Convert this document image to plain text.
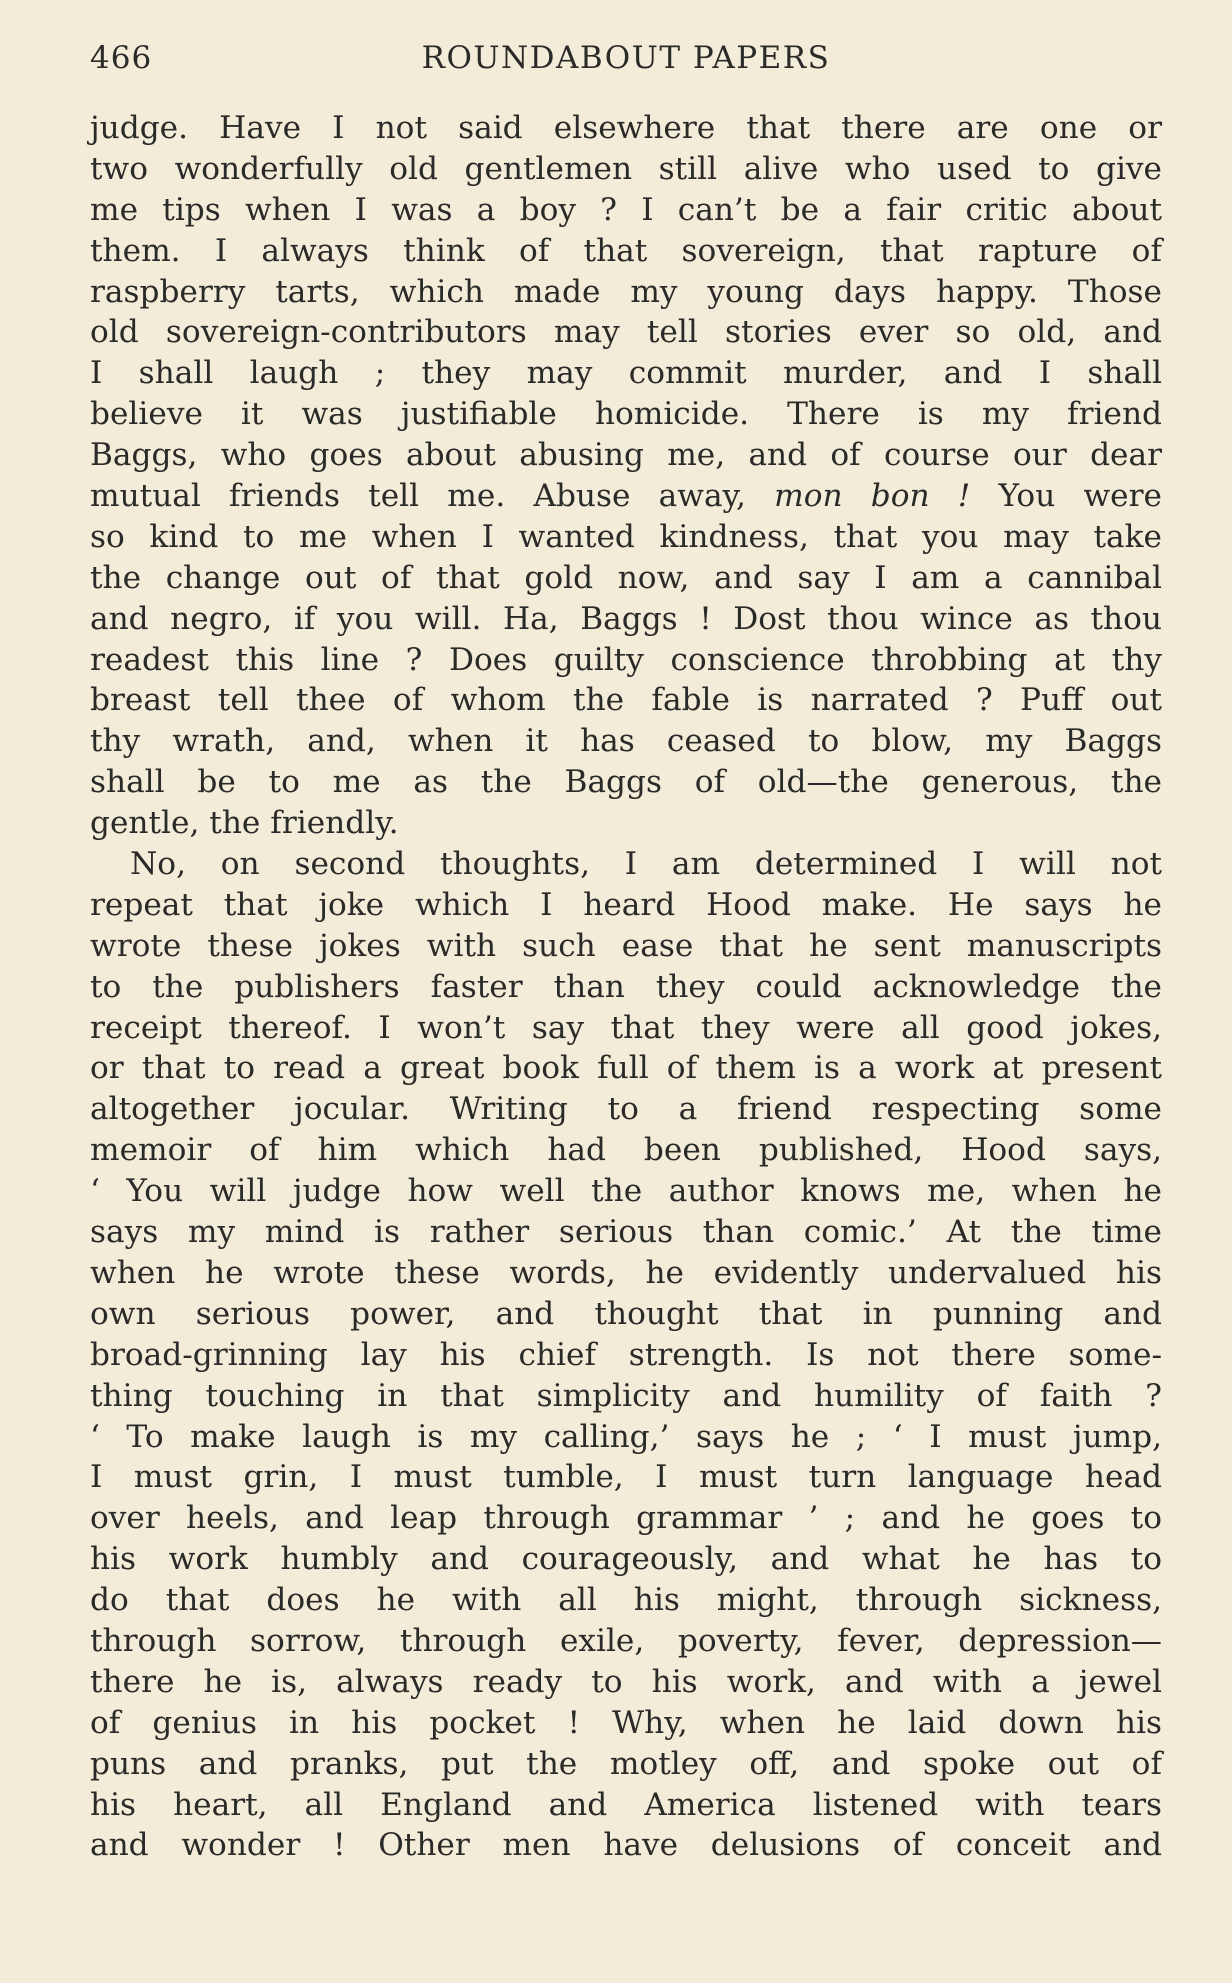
466	ROUNDABOUT PAPERS
judge. Have I not said elsewhere that there are one or
two wonderfully old gentlemen still alive who used to give
me tips when I was a boy ? I can’t be a fair critic about
them. I always think of that sovereign, that rapture of
raspberry tarts, which made my young days happy. Those
old sovereign-contributors may tell stories ever so old, and
I shall laugh ; they may commit murder, and I shall
believe it was justifiable homicide. There is my friend
Baggs, who goes about abusing me, and of course our dear
mutual friends tell me. Abuse away, mon bon ! You were
so kind to me when I wanted kindness, that you may take
the change out of that gold now, and say I am a cannibal
and negro, if you will. Ha, Baggs ! Dost thou wince as thou
readest this line ? Does guilty conscience throbbing at thy
breast tell thee of whom the fable is narrated ? Puff out
thy wrath, and, when it has ceased to blow, my Baggs
shall be to me as the Baggs of old—the generous, the
gentle, the friendly.
No, on second thoughts, I am determined I will not
repeat that joke which I heard Hood make. He says he
wrote these jokes with such ease that he sent manuscripts
to the publishers faster than they could acknowledge the
receipt thereof. I won’t say that they were all good jokes,
or that to read a great book full of them is a work at present
altogether jocular. Writing to a friend respecting some
memoir of him which had been published, Hood says,
‘ You will judge how well the author knows me, when he
says my mind is rather serious than comic.’ At the time
when he wrote these words, he evidently undervalued his
own serious power, and thought that in punning and
broad-grinning lay his chief strength. Is not there some-
thing touching in that simplicity and humility of faith ?
‘ To make laugh is my calling,’ says he ; ‘ I must jump,
I must grin, I must tumble, I must turn language head
over heels, and leap through grammar ’ ; and he goes to
his work humbly and courageously, and what he has to
do that does he with all his might, through sickness,
through sorrow, through exile, poverty, fever, depression—
there he is, always ready to his work, and with a jewel
of genius in his pocket ! Why, when he laid down his
puns and pranks, put the motley off, and spoke out of
his heart, all England and America listened with tears
and wonder ! Other men have delusions of conceit and
